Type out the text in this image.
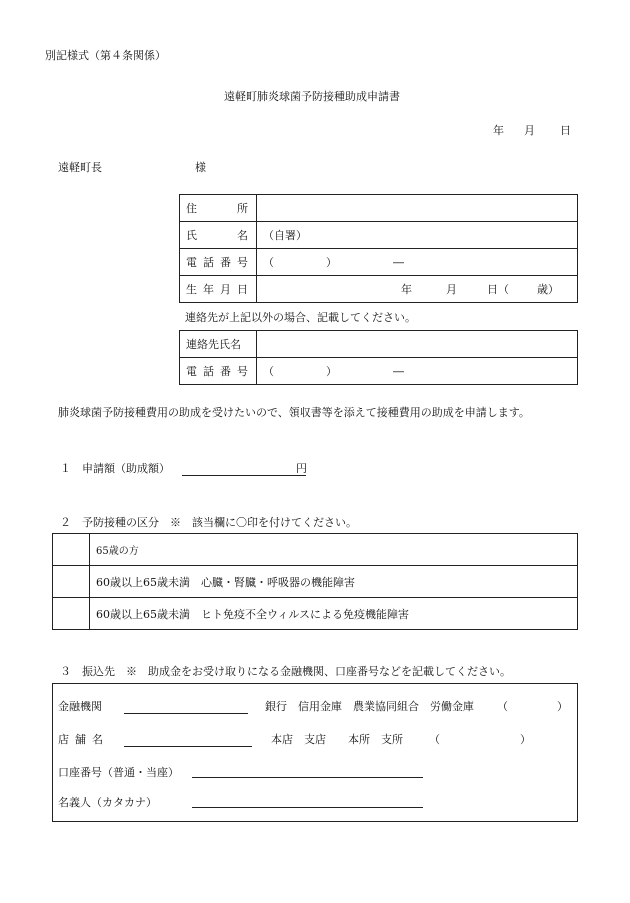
別記様式（第４条関係）
遠軽町肺炎球菌予防接種助成申請書
年 月 日
遠軽町長	様
住　　所	
氏　　名	（自署）
電話番号	（ ） ―
生年月日	年 月 日（ 歳）
連絡先が上記以外の場合、記載してください。
連絡先氏名	
電話番号	（ ） ―
肺炎球菌予防接種費用の助成を受けたいので、領収書等を添えて接種費用の助成を申請します。
１ 申請額（助成額）	円
２ 予防接種の区分　※　該当欄に〇印を付けてください。
	65歳の方
	60歳以上65歳未満　心臓・腎臓・呼吸器の機能障害
	60歳以上65歳未満　ヒト免疫不全ウィルスによる免疫機能障害
３ 振込先　※　助成金をお受け取りになる金融機関、口座番号などを記載してください。
金融機関	銀行　信用金庫　農業協同組合　労働金庫 （	）
店舗名	本店　支店　　本所　支所 （	）
口座番号（普通・当座）
名義人（カタカナ）
